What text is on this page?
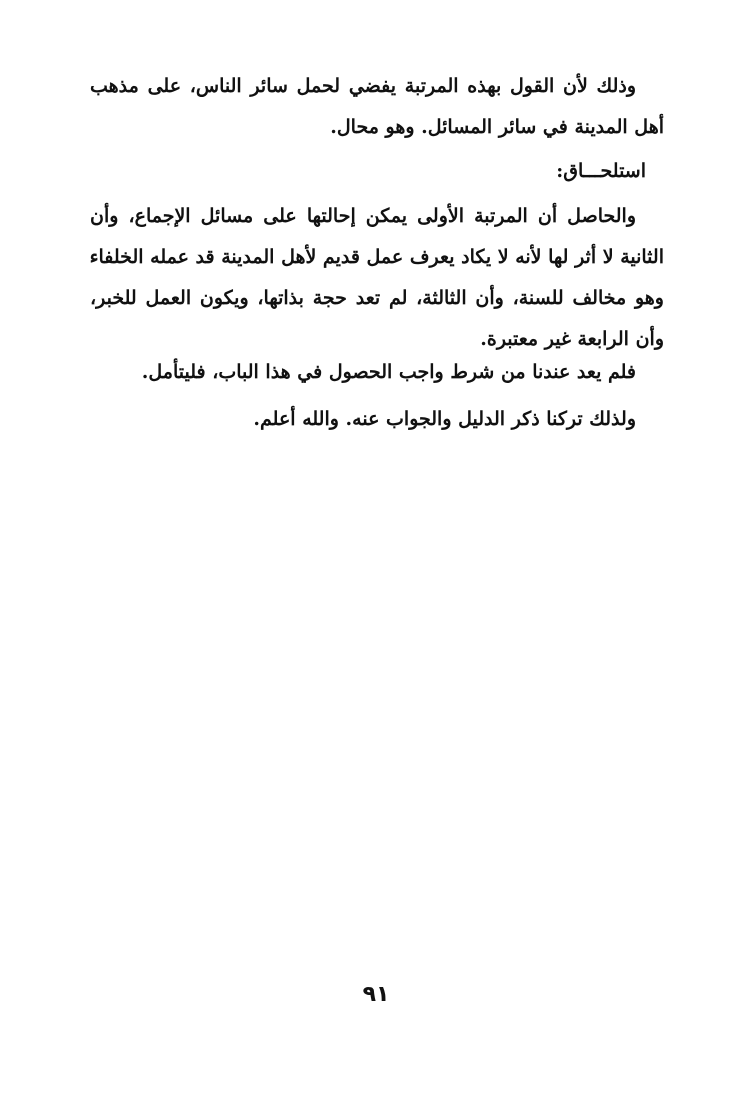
وذلك لأن القول بهذه المرتبة يفضي لحمل سائر الناس، على مذهب
أهل المدينة في سائر المسائل. وهو محال.
استلحـــاق:
والحاصل أن المرتبة الأولى يمكن إحالتها على مسائل الإجماع، وأن
الثانية لا أثر لها لأنه لا يكاد يعرف عمل قديم لأهل المدينة قد عمله الخلفاء
وهو مخالف للسنة، وأن الثالثة، لم تعد حجة بذاتها، ويكون العمل للخبر،
وأن الرابعة غير معتبرة.
فلم يعد عندنا من شرط واجب الحصول في هذا الباب، فليتأمل.
ولذلك تركنا ذكر الدليل والجواب عنه. والله أعلم.
٩١
